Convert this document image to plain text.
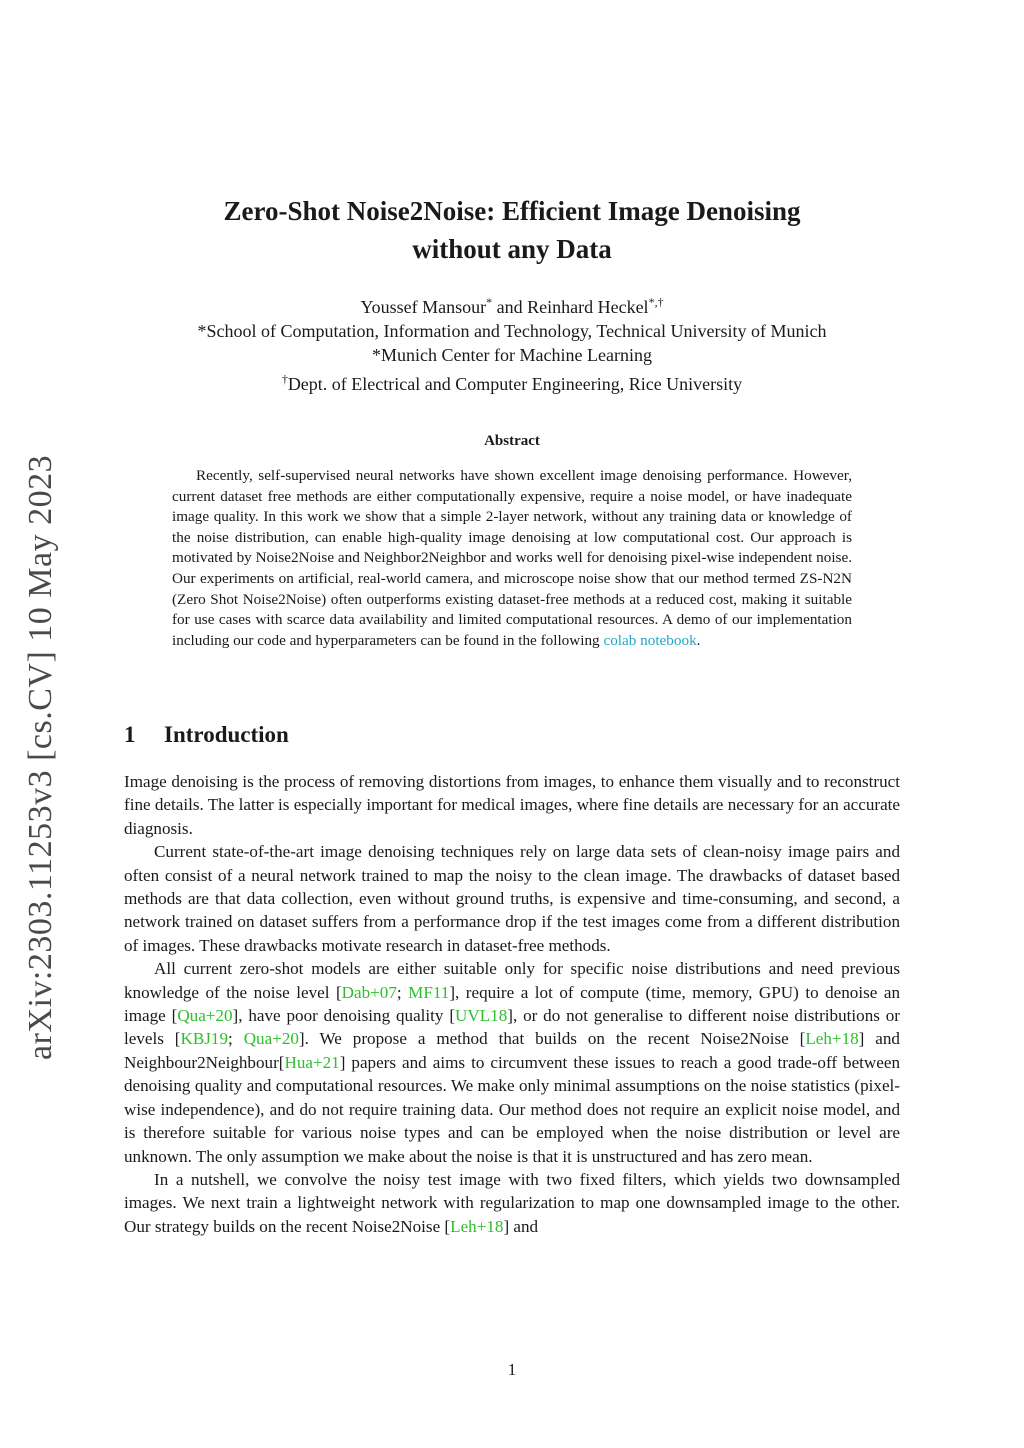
arXiv:2303.11253v3 [cs.CV] 10 May 2023
Zero-Shot Noise2Noise: Efficient Image Denoising
without any Data
Youssef Mansour* and Reinhard Heckel*,†
*School of Computation, Information and Technology, Technical University of Munich
*Munich Center for Machine Learning
†Dept. of Electrical and Computer Engineering, Rice University
Abstract

Recently, self-supervised neural networks have shown excellent image denoising performance. However, current dataset free methods are either computationally expensive, require a noise model, or have inadequate image quality. In this work we show that a simple 2-layer network, without any training data or knowledge of the noise distribution, can enable high-quality image denoising at low computational cost. Our approach is motivated by Noise2Noise and Neighbor2Neighbor and works well for denoising pixel-wise independent noise. Our experiments on artificial, real-world camera, and microscope noise show that our method termed ZS-N2N (Zero Shot Noise2Noise) often outperforms existing dataset-free methods at a reduced cost, making it suitable for use cases with scarce data availability and limited computational resources. A demo of our implementation including our code and hyperparameters can be found in the following colab notebook.

1 Introduction

Image denoising is the process of removing distortions from images, to enhance them visually and to reconstruct fine details. The latter is especially important for medical images, where fine details are necessary for an accurate diagnosis.

Current state-of-the-art image denoising techniques rely on large data sets of clean-noisy image pairs and often consist of a neural network trained to map the noisy to the clean image. The drawbacks of dataset based methods are that data collection, even without ground truths, is expensive and time-consuming, and second, a network trained on dataset suffers from a performance drop if the test images come from a different distribution of images. These drawbacks motivate research in dataset-free methods.

All current zero-shot models are either suitable only for specific noise distributions and need previous knowledge of the noise level [Dab+07; MF11], require a lot of compute (time, memory, GPU) to denoise an image [Qua+20], have poor denoising quality [UVL18], or do not generalise to different noise distributions or levels [KBJ19; Qua+20]. We propose a method that builds on the recent Noise2Noise [Leh+18] and Neighbour2Neighbour[Hua+21] papers and aims to circumvent these issues to reach a good trade-off between denoising quality and computational resources. We make only minimal assumptions on the noise statistics (pixel-wise independence), and do not require training data. Our method does not require an explicit noise model, and is therefore suitable for various noise types and can be employed when the noise distribution or level are unknown. The only assumption we make about the noise is that it is unstructured and has zero mean.

In a nutshell, we convolve the noisy test image with two fixed filters, which yields two downsampled images. We next train a lightweight network with regularization to map one downsampled image to the other. Our strategy builds on the recent Noise2Noise [Leh+18] and

1
